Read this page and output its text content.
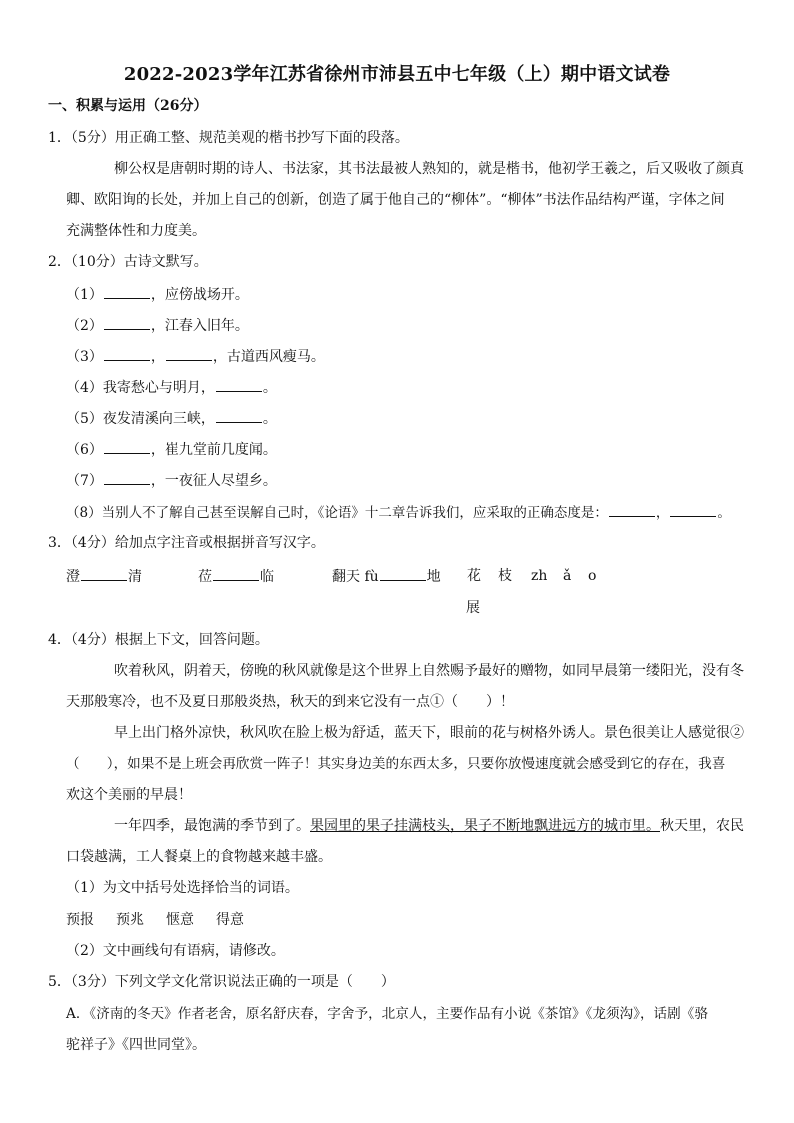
2022-2023学年江苏省徐州市沛县五中七年级（上）期中语文试卷
一、积累与运用（26分）
1．（5分）用正确工整、规范美观的楷书抄写下面的段落。
柳公权是唐朝时期的诗人、书法家，其书法最被人熟知的，就是楷书，他初学王羲之，后又吸收了颜真
卿、欧阳询的长处，并加上自己的创新，创造了属于他自己的“柳体”。“柳体”书法作品结构严谨，字体之间
充满整体性和力度美。
2．（10分）古诗文默写。
（1）	，应傍战场开。
（2）	，江春入旧年。
（3）	，	，古道西风瘦马。
（4）我寄愁心与明月，	。
（5）夜发清溪向三峡，	。
（6）	，崔九堂前几度闻。
（7）	，一夜征人尽望乡。
（8）当别人不了解自己甚至误解自己时，《论语》十二章告诉我们，应采取的正确态度是：	，	。
3．（4分）给加点字注音或根据拼音写汉字。
澄	清	莅	临	翻天 fù	地 花 枝 zh ǎ o
展
4．（4分）根据上下文，回答问题。
吹着秋风，阴着天，傍晚的秋风就像是这个世界上自然赐予最好的赠物，如同早晨第一缕阳光，没有冬
天那般寒冷，也不及夏日那般炎热，秋天的到来它没有一点①（　　）！
早上出门格外凉快，秋风吹在脸上极为舒适，蓝天下，眼前的花与树格外诱人。景色很美让人感觉很②
（　　），如果不是上班会再欣赏一阵子！其实身边美的东西太多，只要你放慢速度就会感受到它的存在，我喜
欢这个美丽的早晨！
一年四季，最饱满的季节到了。果园里的果子挂满枝头，果子不断地飘进远方的城市里。秋天里，农民
口袋越满，工人餐桌上的食物越来越丰盛。
（1）为文中括号处选择恰当的词语。
预报 预兆 惬意 得意
（2）文中画线句有语病，请修改。
5．（3分）下列文学文化常识说法正确的一项是（　　）
A．《济南的冬天》作者老舍，原名舒庆春，字舍予，北京人，主要作品有小说《茶馆》《龙须沟》，话剧《骆
驼祥子》《四世同堂》。
